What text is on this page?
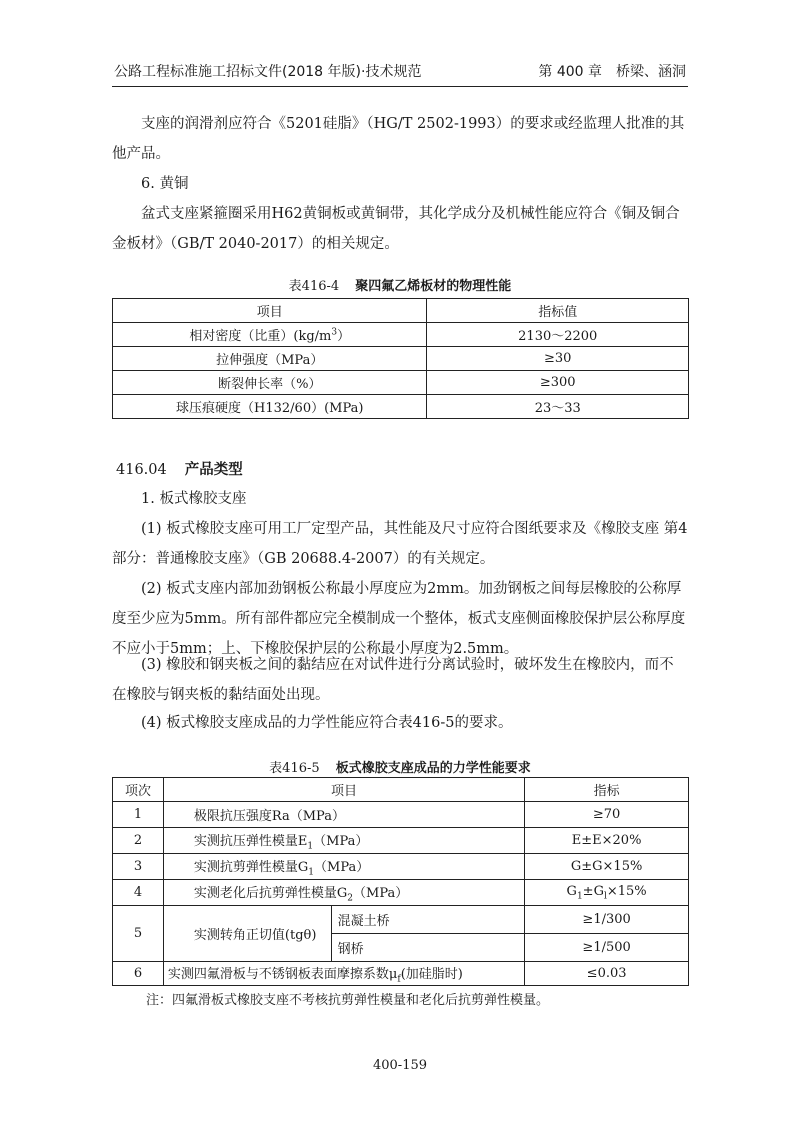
公路工程标准施工招标文件(2018 年版)·技术规范	第 400 章　桥梁、涵洞

支座的润滑剂应符合《5201硅脂》（HG/T 2502-1993）的要求或经监理人批准的其他产品。

6. 黄铜

盆式支座紧箍圈采用H62黄铜板或黄铜带，其化学成分及机械性能应符合《铜及铜合金板材》（GB/T 2040-2017）的相关规定。

表416-4 聚四氟乙烯板材的物理性能

项目	指标值
相对密度（比重）$(kg/m^3)$	2130～2200
拉伸强度（MPa）	≥30
断裂伸长率（%）	≥300
球压痕硬度（H132/60）(MPa)	23～33

416.04 产品类型

1. 板式橡胶支座

(1) 板式橡胶支座可用工厂定型产品，其性能及尺寸应符合图纸要求及《橡胶支座 第4部分：普通橡胶支座》（GB 20688.4-2007）的有关规定。

(2) 板式支座内部加劲钢板公称最小厚度应为2mm。加劲钢板之间每层橡胶的公称厚度至少应为5mm。所有部件都应完全模制成一个整体，板式支座侧面橡胶保护层公称厚度不应小于5mm；上、下橡胶保护层的公称最小厚度为2.5mm。

(3) 橡胶和钢夹板之间的黏结应在对试件进行分离试验时，破坏发生在橡胶内，而不在橡胶与钢夹板的黏结面处出现。

(4) 板式橡胶支座成品的力学性能应符合表416-5的要求。

表416-5 板式橡胶支座成品的力学性能要求

项次	项目		指标
1	极限抗压强度Ra（MPa）		≥70
2	实测抗压弹性模量$E_1(MPa)$		E±E×20%
3	实测抗剪弹性模量$G_1(MPa)$		G±G×15%
4	实测老化后抗剪弹性模量$G_2(MPa)$		$G_1\pm G_l\times 15\%$
5	实测转角正切值(tgθ)	混凝土桥	≥1/300
		钢桥	≥1/500
6	实测四氟滑板与不锈钢板表面摩擦系数$\mu_f$(加硅脂时)		≤0.03

注：四氟滑板式橡胶支座不考核抗剪弹性模量和老化后抗剪弹性模量。

400-159
